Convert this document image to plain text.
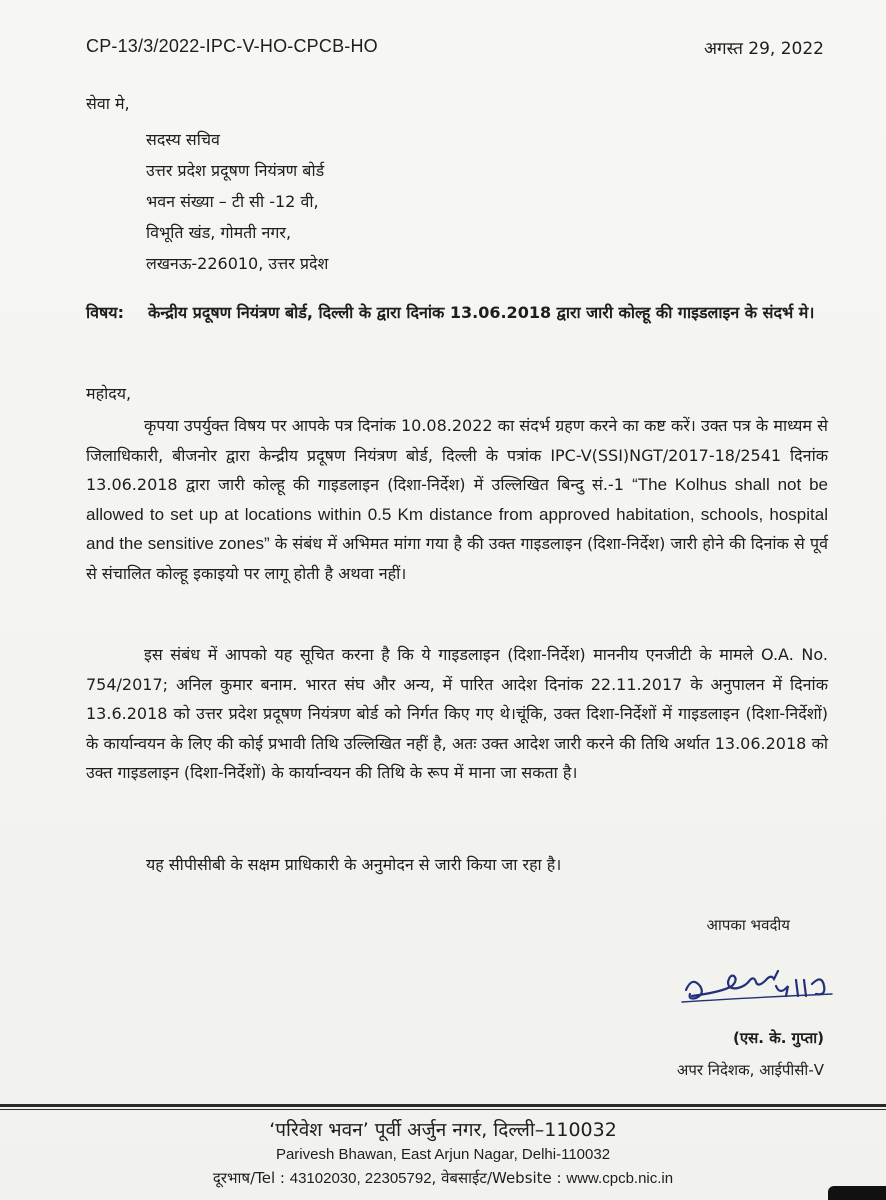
CP-13/3/2022-IPC-V-HO-CPCB-HO	अगस्त 29, 2022
सेवा मे,
सदस्य सचिव
उत्तर प्रदेश प्रदूषण नियंत्रण बोर्ड
भवन संख्या – टी सी -12 वी,
विभूति खंड, गोमती नगर,
लखनऊ-226010, उत्तर प्रदेश
विषय: केन्द्रीय प्रदूषण नियंत्रण बोर्ड, दिल्ली के द्वारा दिनांक 13.06.2018 द्वारा जारी कोल्हू की गाइडलाइन के संदर्भ मे।
महोदय,
कृपया उपर्युक्त विषय पर आपके पत्र दिनांक 10.08.2022 का संदर्भ ग्रहण करने का कष्ट करें। उक्त पत्र के माध्यम से जिलाधिकारी, बीजनोर द्वारा केन्द्रीय प्रदूषण नियंत्रण बोर्ड, दिल्ली के पत्रांक IPC-V(SSI)NGT/2017-18/2541 दिनांक 13.06.2018 द्वारा जारी कोल्हू की गाइडलाइन (दिशा-निर्देश) में उल्लिखित बिन्दु सं.-1 “The Kolhus shall not be allowed to set up at locations within 0.5 Km distance from approved habitation, schools, hospital and the sensitive zones” के संबंध में अभिमत मांगा गया है की उक्त गाइडलाइन (दिशा-निर्देश) जारी होने की दिनांक से पूर्व से संचालित कोल्हू इकाइयो पर लागू होती है अथवा नहीं।
इस संबंध में आपको यह सूचित करना है कि ये गाइडलाइन (दिशा-निर्देश) माननीय एनजीटी के मामले O.A. No. 754/2017; अनिल कुमार बनाम. भारत संघ और अन्य, में पारित आदेश दिनांक 22.11.2017 के अनुपालन में दिनांक 13.6.2018 को उत्तर प्रदेश प्रदूषण नियंत्रण बोर्ड को निर्गत किए गए थे।चूंकि, उक्त दिशा-निर्देशों में गाइडलाइन (दिशा-निर्देशों) के कार्यान्वयन के लिए की कोई प्रभावी तिथि उल्लिखित नहीं है, अतः उक्त आदेश जारी करने की तिथि अर्थात 13.06.2018 को उक्त गाइडलाइन (दिशा-निर्देशों) के कार्यान्वयन की तिथि के रूप में माना जा सकता है।
यह सीपीसीबी के सक्षम प्राधिकारी के अनुमोदन से जारी किया जा रहा है।
आपका भवदीय
(एस. के. गुप्ता)
अपर निदेशक, आईपीसी-V
‘परिवेश भवन’ पूर्वी अर्जुन नगर, दिल्ली–110032
Parivesh Bhawan, East Arjun Nagar, Delhi-110032
दूरभाष/Tel : 43102030, 22305792, वेबसाईट/Website : www.cpcb.nic.in
